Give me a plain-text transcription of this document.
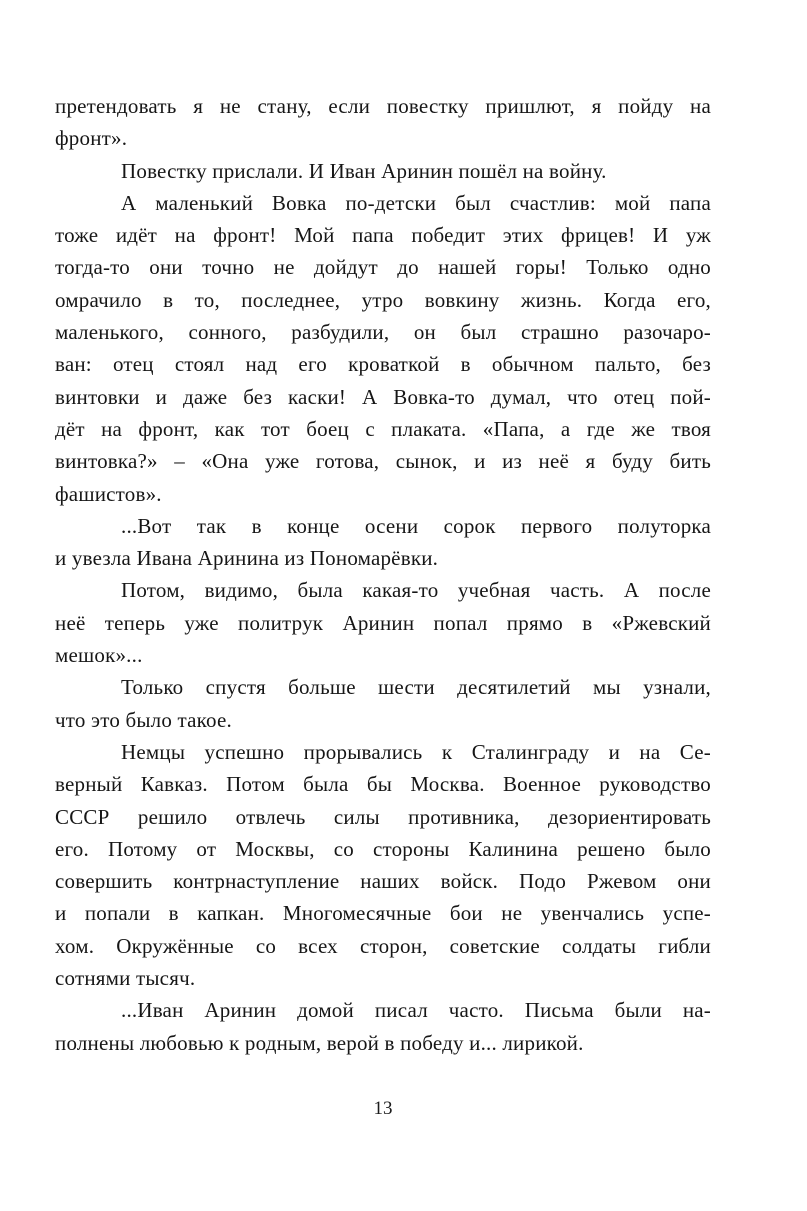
претендовать я не стану, если повестку пришлют, я пойду на
фронт».
Повестку прислали. И Иван Аринин пошёл на войну.
А маленький Вовка по-детски был счастлив: мой папа
тоже идёт на фронт! Мой папа победит этих фрицев! И уж
тогда-то они точно не дойдут до нашей горы! Только одно
омрачило в то, последнее, утро вовкину жизнь. Когда его,
маленького, сонного, разбудили, он был страшно разочаро-
ван: отец стоял над его кроваткой в обычном пальто, без
винтовки и даже без каски! А Вовка-то думал, что отец пой-
дёт на фронт, как тот боец с плаката. «Папа, а где же твоя
винтовка?» – «Она уже готова, сынок, и из неё я буду бить
фашистов».
...Вот так в конце осени сорок первого полуторка
и увезла Ивана Аринина из Пономарёвки.
Потом, видимо, была какая-то учебная часть. А после
неё теперь уже политрук Аринин попал прямо в «Ржевский
мешок»...
Только спустя больше шести десятилетий мы узнали,
что это было такое.
Немцы успешно прорывались к Сталинграду и на Се-
верный Кавказ. Потом была бы Москва. Военное руководство
СССР решило отвлечь силы противника, дезориентировать
его. Потому от Москвы, со стороны Калинина решено было
совершить контрнаступление наших войск. Подо Ржевом они
и попали в капкан. Многомесячные бои не увенчались успе-
хом. Окружённые со всех сторон, советские солдаты гибли
сотнями тысяч.
...Иван Аринин домой писал часто. Письма были на-
полнены любовью к родным, верой в победу и... лирикой.
13
